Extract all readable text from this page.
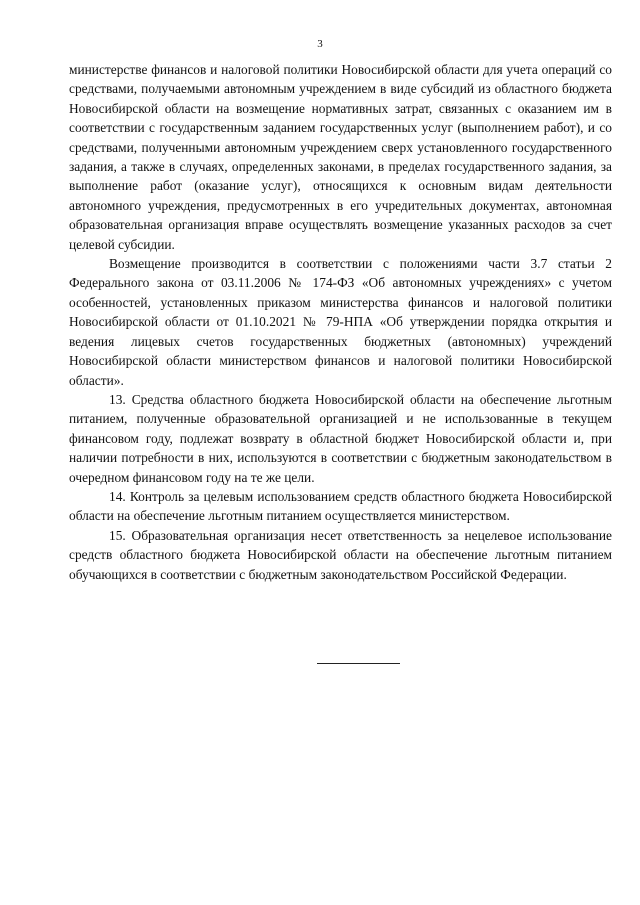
3

министерстве финансов и налоговой политики Новосибирской области для учета операций со средствами, получаемыми автономным учреждением в виде субсидий из областного бюджета Новосибирской области на возмещение нормативных затрат, связанных с оказанием им в соответствии с государственным заданием государственных услуг (выполнением работ), и со средствами, полученными автономным учреждением сверх установленного государственного задания, а также в случаях, определенных законами, в пределах государственного задания, за выполнение работ (оказание услуг), относящихся к основным видам деятельности автономного учреждения, предусмотренных в его учредительных документах, автономная образовательная организация вправе осуществлять возмещение указанных расходов за счет целевой субсидии.

Возмещение производится в соответствии с положениями части 3.7 статьи 2 Федерального закона от 03.11.2006 № 174-ФЗ «Об автономных учреждениях» с учетом особенностей, установленных приказом министерства финансов и налоговой политики Новосибирской области от 01.10.2021 № 79-НПА «Об утверждении порядка открытия и ведения лицевых счетов государственных бюджетных (автономных) учреждений Новосибирской области министерством финансов и налоговой политики Новосибирской области».

13. Средства областного бюджета Новосибирской области на обеспечение льготным питанием, полученные образовательной организацией и не использованные в текущем финансовом году, подлежат возврату в областной бюджет Новосибирской области и, при наличии потребности в них, используются в соответствии с бюджетным законодательством в очередном финансовом году на те же цели.

14. Контроль за целевым использованием средств областного бюджета Новосибирской области на обеспечение льготным питанием осуществляется министерством.

15. Образовательная организация несет ответственность за нецелевое использование средств областного бюджета Новосибирской области на обеспечение льготным питанием обучающихся в соответствии с бюджетным законодательством Российской Федерации.
